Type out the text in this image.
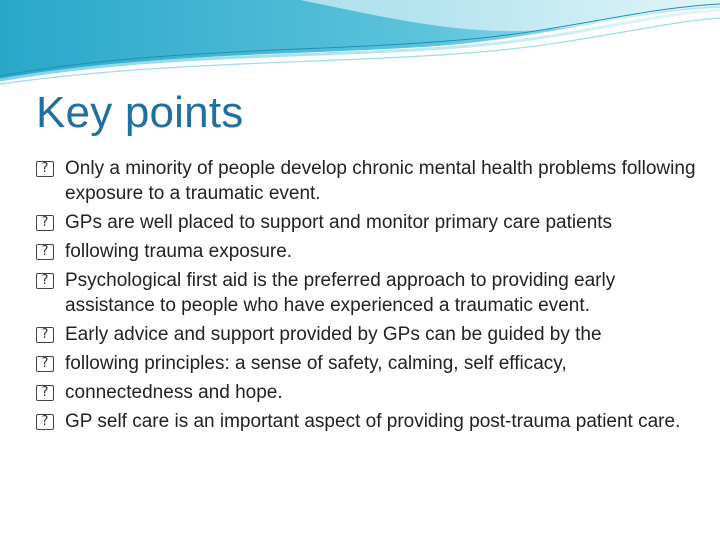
Key points
? Only a minority of people develop chronic mental health problems following exposure to a traumatic event.
? GPs are well placed to support and monitor primary care patients
? following trauma exposure.
? Psychological first aid is the preferred approach to providing early assistance to people who have experienced a traumatic event.
? Early advice and support provided by GPs can be guided by the
? following principles: a sense of safety, calming, self efficacy,
? connectedness and hope.
? GP self care is an important aspect of providing post-trauma patient care.
